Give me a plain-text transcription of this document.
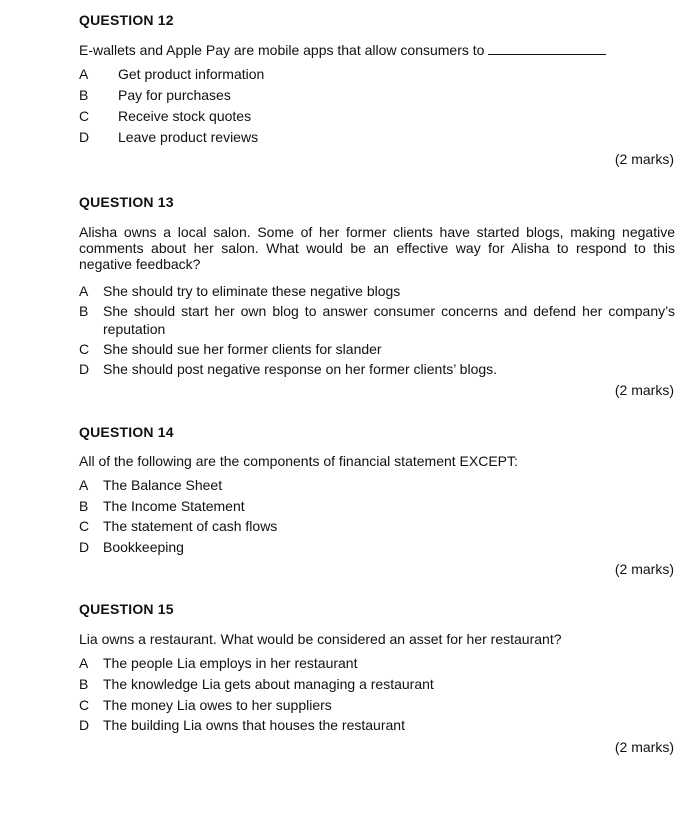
QUESTION 12
E-wallets and Apple Pay are mobile apps that allow consumers to
A Get product information
B Pay for purchases
C Receive stock quotes
D Leave product reviews
(2 marks)
QUESTION 13
Alisha owns a local salon. Some of her former clients have started blogs, making negative comments about her salon. What would be an effective way for Alisha to respond to this negative feedback?
A She should try to eliminate these negative blogs
B She should start her own blog to answer consumer concerns and defend her company’s reputation
C She should sue her former clients for slander
D She should post negative response on her former clients’ blogs.
(2 marks)
QUESTION 14
All of the following are the components of financial statement EXCEPT:
A The Balance Sheet
B The Income Statement
C The statement of cash flows
D Bookkeeping
(2 marks)
QUESTION 15
Lia owns a restaurant. What would be considered an asset for her restaurant?
A The people Lia employs in her restaurant
B The knowledge Lia gets about managing a restaurant
C The money Lia owes to her suppliers
D The building Lia owns that houses the restaurant
(2 marks)
